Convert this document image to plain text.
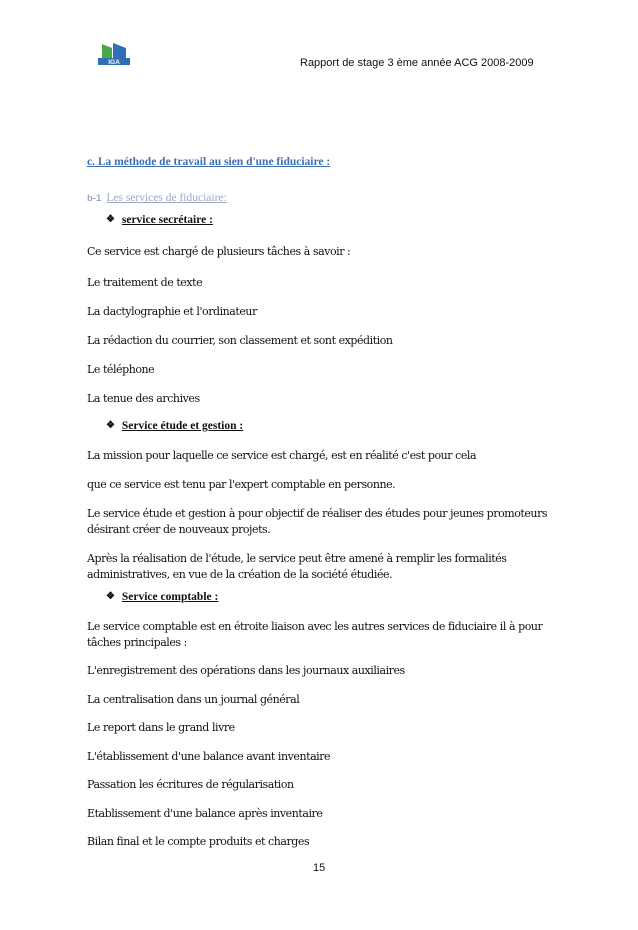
IGA	Rapport de stage 3 ème année ACG 2008-2009
c. La méthode de travail au sien d'une fiduciaire :
b-1 Les services de fiduciaire:
❖ service secrétaire :
Ce service est chargé de plusieurs tâches à savoir :
Le traitement de texte
La dactylographie et l'ordinateur
La rédaction du courrier, son classement et sont expédition
Le téléphone
La tenue des archives
❖ Service étude et gestion :
La mission pour laquelle ce service est chargé, est en réalité c'est pour cela
que ce service est tenu par l'expert comptable en personne.
Le service étude et gestion à pour objectif de réaliser des études pour jeunes promoteurs
désirant créer de nouveaux projets.
Après la réalisation de l'étude, le service peut être amené à remplir les formalités
administratives, en vue de la création de la société étudiée.
❖ Service comptable :
Le service comptable est en étroite liaison avec les autres services de fiduciaire il à pour
tâches principales :
L'enregistrement des opérations dans les journaux auxiliaires
La centralisation dans un journal général
Le report dans le grand livre
L'établissement d'une balance avant inventaire
Passation les écritures de régularisation
Etablissement d'une balance après inventaire
Bilan final et le compte produits et charges
15
